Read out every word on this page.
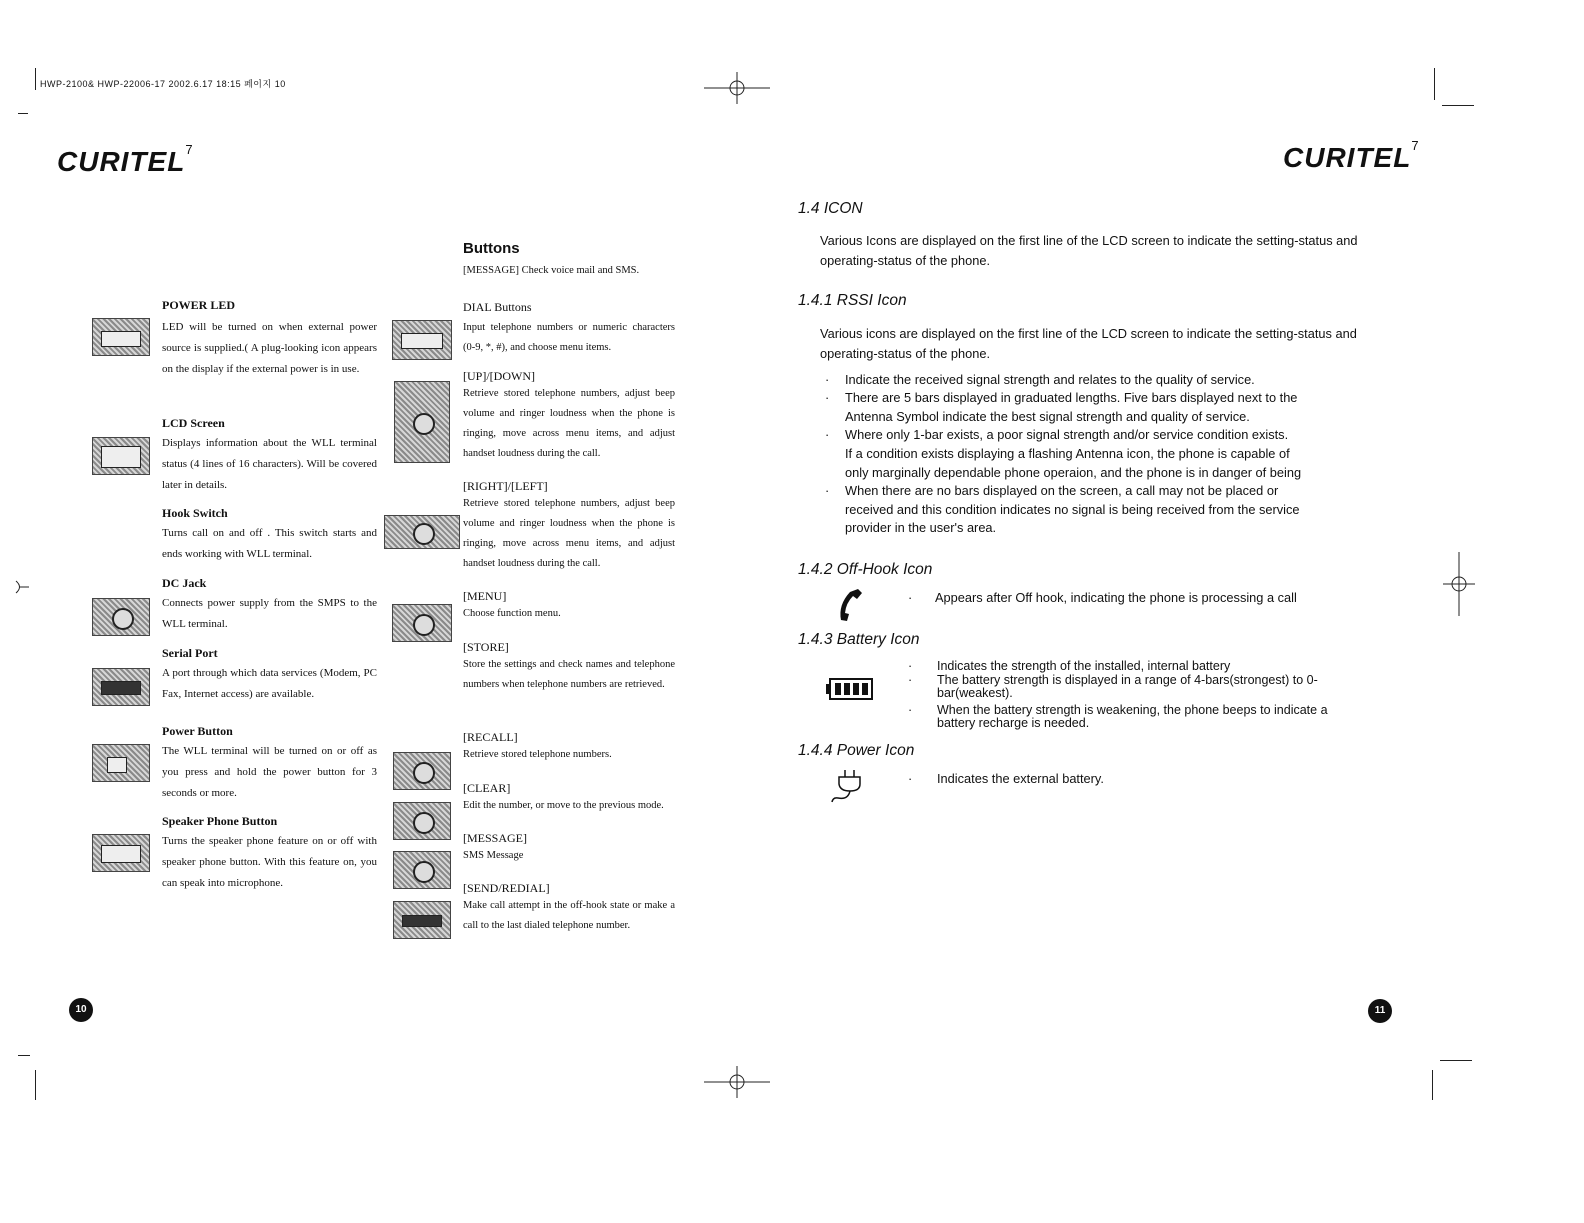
HWP-2100& HWP-22006-17 2002.6.17 18:15 페이지 10
CURITEL$^7$	CURITEL$^7$
POWER LED
LED will be turned on when external power source is supplied.( A plug-looking icon appears on the display if the external power is in use.
LCD Screen
Displays information about the WLL terminal status (4 lines of 16 characters). Will be covered later in details.
Hook Switch
Turns call on and off . This switch starts and ends working with WLL terminal.
DC Jack
Connects power supply from the SMPS to the WLL terminal.
Serial Port
A port through which data services (Modem, PC Fax, Internet access) are available.
Power Button
The WLL terminal will be turned on or off as you press and hold the power button for 3 seconds or more.
Speaker Phone Button
Turns the speaker phone feature on or off with speaker phone button. With this feature on, you can speak into microphone.
Buttons
[MESSAGE] Check voice mail and SMS.
DIAL Buttons
Input telephone numbers or numeric characters (0-9, *, #), and choose menu items.
[UP]/[DOWN]
Retrieve stored telephone numbers, adjust beep volume and ringer loudness when the phone is ringing, move across menu items, and adjust handset loudness during the call.
[RIGHT]/[LEFT]
Retrieve stored telephone numbers, adjust beep volume and ringer loudness when the phone is ringing, move across menu items, and adjust handset loudness during the call.
[MENU]
Choose function menu.
[STORE]
Store the settings and check names and telephone numbers when telephone numbers are retrieved.
[RECALL]
Retrieve stored telephone numbers.
[CLEAR]
Edit the number, or move to the previous mode.
[MESSAGE]
SMS Message
[SEND/REDIAL]
Make call attempt in the off-hook state or make a call to the last dialed telephone number.
1.4 ICON
Various Icons are displayed on the first line of the LCD screen to indicate the setting-status and operating-status of the phone.
1.4.1 RSSI Icon
Various icons are displayed on the first line of the LCD screen to indicate the setting-status and operating-status of the phone.
· Indicate the received signal strength and relates to the quality of service.
· There are 5 bars displayed in graduated lengths. Five bars displayed next to the Antenna Symbol indicate the best signal strength and quality of service.
· Where only 1-bar exists, a poor signal strength and/or service condition exists.
If a condition exists displaying a flashing Antenna icon, the phone is capable of only marginally dependable phone operaion, and the phone is in danger of being
· When there are no bars displayed on the screen, a call may not be placed or received and this condition indicates no signal is being received from the service provider in the user's area.
1.4.2 Off-Hook Icon
· Appears after Off hook, indicating the phone is processing a call
1.4.3 Battery Icon
· Indicates the strength of the installed, internal battery
· The battery strength is displayed in a range of 4-bars(strongest) to 0-bar(weakest).
· When the battery strength is weakening, the phone beeps to indicate a battery recharge is needed.
1.4.4 Power Icon
· Indicates the external battery.
10	11
